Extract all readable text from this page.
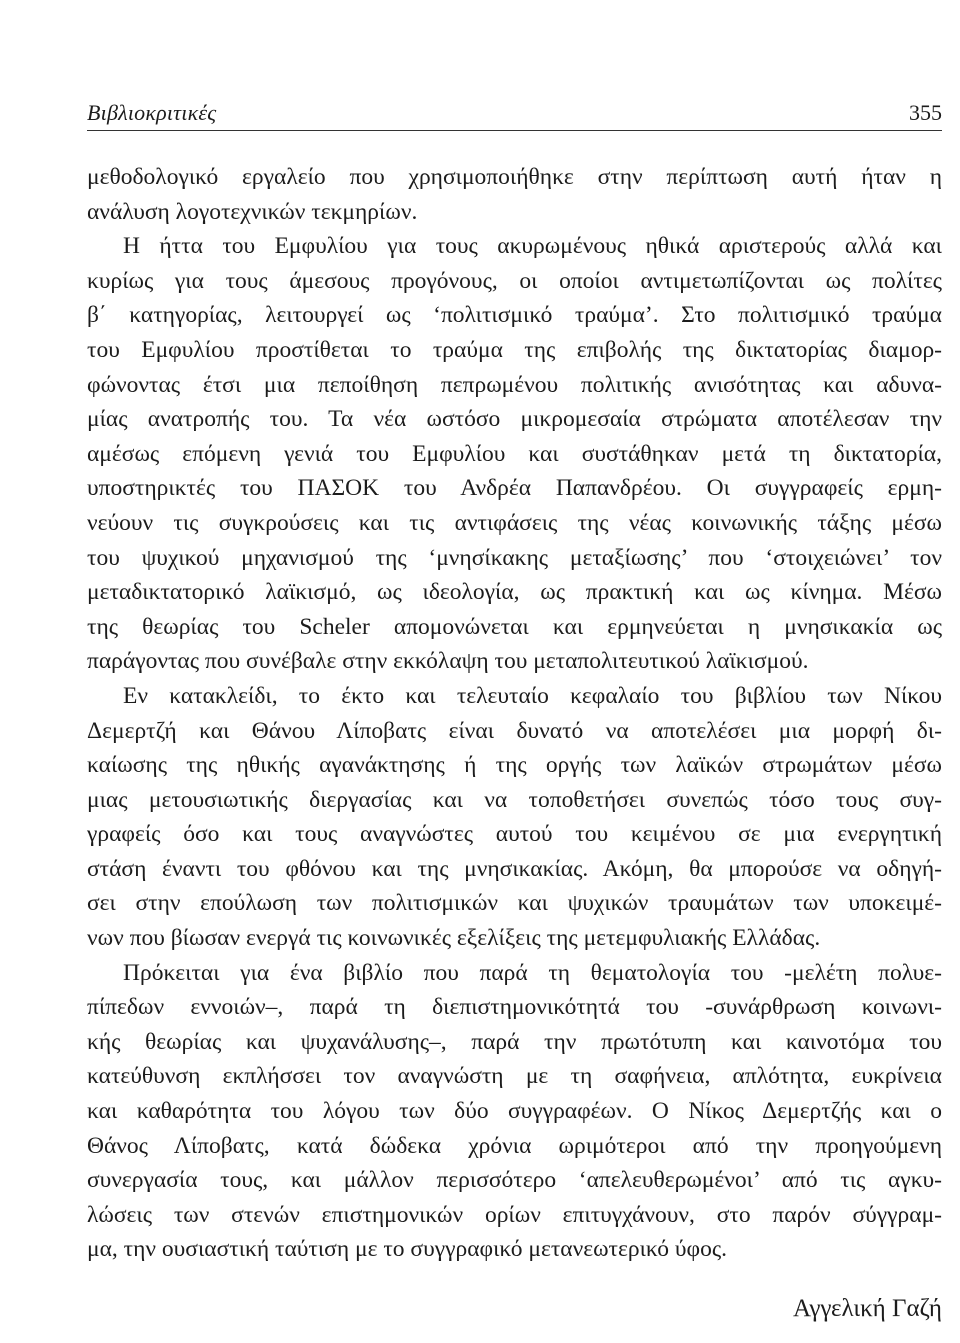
Βιβλιοκριτικές	355
μεθοδολογικό εργαλείο που χρησιμοποιήθηκε στην περίπτωση αυτή ήταν η
ανάλυση λογοτεχνικών τεκμηρίων.
Η ήττα του Εμφυλίου για τους ακυρωμένους ηθικά αριστερούς αλλά και
κυρίως για τους άμεσους προγόνους, οι οποίοι αντιμετωπίζονται ως πολίτες
β΄ κατηγορίας, λειτουργεί ως ‘πολιτισμικό τραύμα’. Στο πολιτισμικό τραύμα
του Εμφυλίου προστίθεται το τραύμα της επιβολής της δικτατορίας διαμορ-
φώνοντας έτσι μια πεποίθηση πεπρωμένου πολιτικής ανισότητας και αδυνα-
μίας ανατροπής του. Τα νέα ωστόσο μικρομεσαία στρώματα αποτέλεσαν την
αμέσως επόμενη γενιά του Εμφυλίου και συστάθηκαν μετά τη δικτατορία,
υποστηρικτές του ΠΑΣΟΚ του Ανδρέα Παπανδρέου. Οι συγγραφείς ερμη-
νεύουν τις συγκρούσεις και τις αντιφάσεις της νέας κοινωνικής τάξης μέσω
του ψυχικού μηχανισμού της ‘μνησίκακης μεταξίωσης’ που ‘στοιχειώνει’ τον
μεταδικτατορικό λαϊκισμό, ως ιδεολογία, ως πρακτική και ως κίνημα. Μέσω
της θεωρίας του Scheler απομονώνεται και ερμηνεύεται η μνησικακία ως
παράγοντας που συνέβαλε στην εκκόλαψη του μεταπολιτευτικού λαϊκισμού.
Εν κατακλείδι, το έκτο και τελευταίο κεφαλαίο του βιβλίου των Νίκου
Δεμερτζή και Θάνου Λίποβατς είναι δυνατό να αποτελέσει μια μορφή δι-
καίωσης της ηθικής αγανάκτησης ή της οργής των λαϊκών στρωμάτων μέσω
μιας μετουσιωτικής διεργασίας και να τοποθετήσει συνεπώς τόσο τους συγ-
γραφείς όσο και τους αναγνώστες αυτού του κειμένου σε μια ενεργητική
στάση έναντι του φθόνου και της μνησικακίας. Ακόμη, θα μπορούσε να οδηγή-
σει στην επούλωση των πολιτισμικών και ψυχικών τραυμάτων των υποκειμέ-
νων που βίωσαν ενεργά τις κοινωνικές εξελίξεις της μετεμφυλιακής Ελλάδας.
Πρόκειται για ένα βιβλίο που παρά τη θεματολογία του -μελέτη πολυε-
πίπεδων εννοιών–, παρά τη διεπιστημονικότητά του -συνάρθρωση κοινωνι-
κής θεωρίας και ψυχανάλυσης–, παρά την πρωτότυπη και καινοτόμα του
κατεύθυνση εκπλήσσει τον αναγνώστη με τη σαφήνεια, απλότητα, ευκρίνεια
και καθαρότητα του λόγου των δύο συγγραφέων. Ο Νίκος Δεμερτζής και ο
Θάνος Λίποβατς, κατά δώδεκα χρόνια ωριμότεροι από την προηγούμενη
συνεργασία τους, και μάλλον περισσότερο ‘απελευθερωμένοι’ από τις αγκυ-
λώσεις των στενών επιστημονικών ορίων επιτυγχάνουν, στο παρόν σύγγραμ-
μα, την ουσιαστική ταύτιση με το συγγραφικό μετανεωτερικό ύφος.
Αγγελική Γαζή
